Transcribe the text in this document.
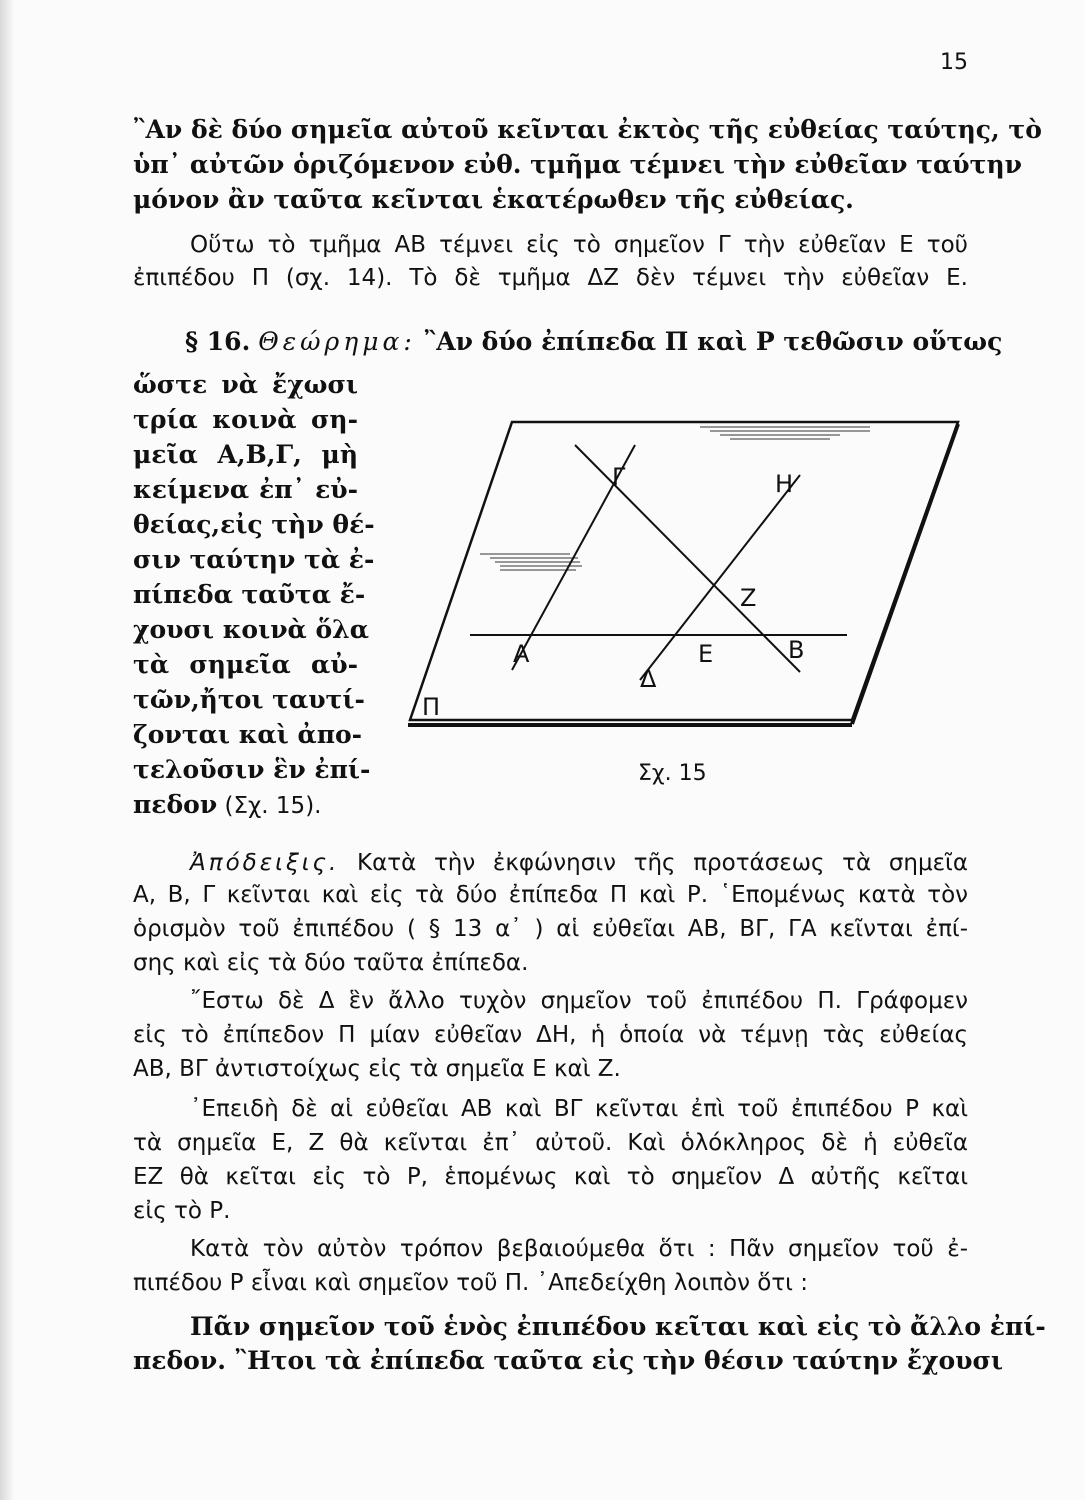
15
῍Αν δὲ δύο σημεῖα αὐτοῦ κεῖνται ἐκτὸς τῆς εὐθείας ταύτης, τὸ
ὑπ᾽ αὐτῶν ὁριζόμενον εὐθ. τμῆμα τέμνει τὴν εὐθεῖαν ταύτην
μόνον ἂν ταῦτα κεῖνται ἑκατέρωθεν τῆς εὐθείας.
Οὕτω τὸ τμῆμα ΑΒ τέμνει εἰς τὸ σημεῖον Γ τὴν εὐθεῖαν Ε τοῦ
ἐπιπέδου Π (σχ. 14). Τὸ δὲ τμῆμα ΔΖ δὲν τέμνει τὴν εὐθεῖαν Ε.
§ 16. Θεώρημα: ῍Αν δύο ἐπίπεδα Π καὶ Ρ τεθῶσιν οὕτως
ὥστε νὰ ἔχωσι
τρία κοινὰ ση-
μεῖα Α,Β,Γ, μὴ
κείμενα ἐπ᾽ εὐ-
θείας,εἰς τὴν θέ-
σιν ταύτην τὰ ἐ-
πίπεδα ταῦτα ἔ-
χουσι κοινὰ ὅλα
τὰ σημεῖα αὐ-
τῶν,ἤτοι ταυτί-
ζονται καὶ ἀπο-
τελοῦσιν ἓν ἐπί-
πεδον (Σχ. 15).
Γ	Η
Ζ
Α	Ε	Β
Δ
Π
Σχ. 15
Ἀπόδειξις. Κατὰ τὴν ἐκφώνησιν τῆς προτάσεως τὰ σημεῖα
Α, Β, Γ κεῖνται καὶ εἰς τὰ δύο ἐπίπεδα Π καὶ Ρ. ῾Επομένως κατὰ τὸν
ὁρισμὸν τοῦ ἐπιπέδου ( § 13 α᾽ ) αἱ εὐθεῖαι ΑΒ, ΒΓ, ΓΑ κεῖνται ἐπί-
σης καὶ εἰς τὰ δύο ταῦτα ἐπίπεδα.
῎Εστω δὲ Δ ἓν ἄλλο τυχὸν σημεῖον τοῦ ἐπιπέδου Π. Γράφομεν
εἰς τὸ ἐπίπεδον Π μίαν εὐθεῖαν ΔΗ, ἡ ὁποία νὰ τέμνῃ τὰς εὐθείας
ΑΒ, ΒΓ ἀντιστοίχως εἰς τὰ σημεῖα Ε καὶ Ζ.
᾽Επειδὴ δὲ αἱ εὐθεῖαι ΑΒ καὶ ΒΓ κεῖνται ἐπὶ τοῦ ἐπιπέδου Ρ καὶ
τὰ σημεῖα Ε, Ζ θὰ κεῖνται ἐπ᾽ αὐτοῦ. Καὶ ὁλόκληρος δὲ ἡ εὐθεῖα
ΕΖ θὰ κεῖται εἰς τὸ Ρ, ἑπομένως καὶ τὸ σημεῖον Δ αὐτῆς κεῖται
εἰς τὸ Ρ.
Κατὰ τὸν αὐτὸν τρόπον βεβαιούμεθα ὅτι : Πᾶν σημεῖον τοῦ ἐ-
πιπέδου Ρ εἶναι καὶ σημεῖον τοῦ Π. ᾽Απεδείχθη λοιπὸν ὅτι :
Πᾶν σημεῖον τοῦ ἑνὸς ἐπιπέδου κεῖται καὶ εἰς τὸ ἄλλο ἐπί-
πεδον. ῍Ητοι τὰ ἐπίπεδα ταῦτα εἰς τὴν θέσιν ταύτην ἔχουσι
